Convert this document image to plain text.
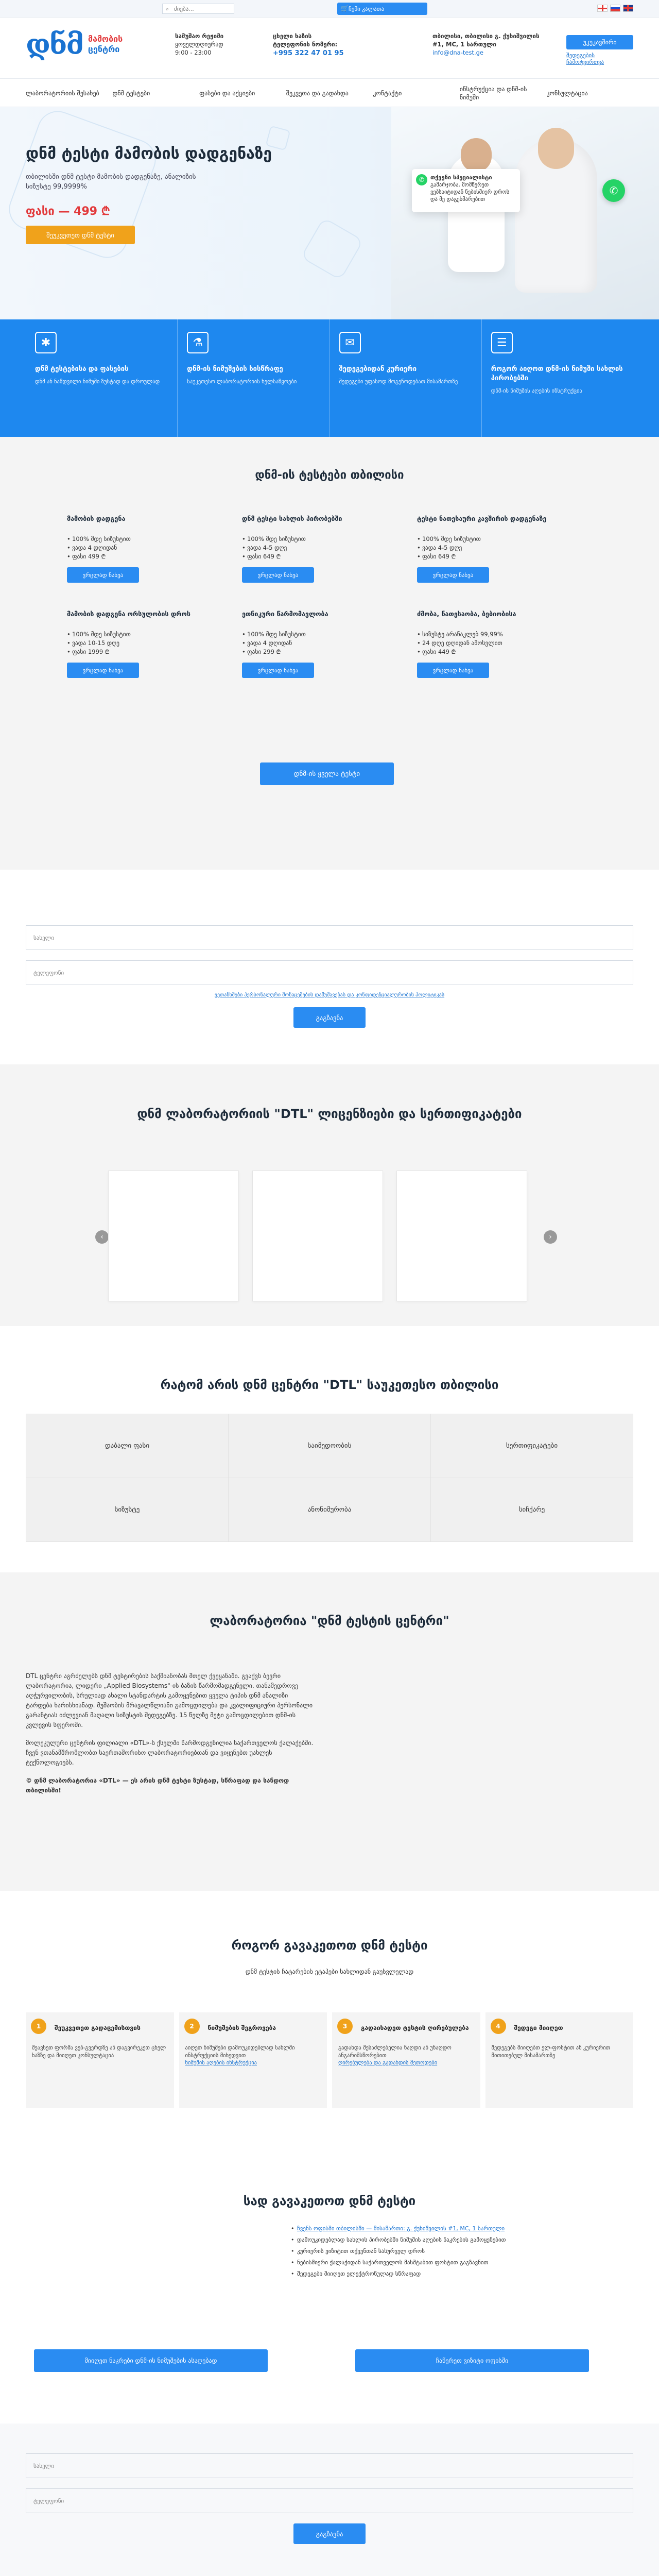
⌕ ძიება...	🛒 ჩემი კალათა
დნმ მამობის
ცენტრი
სამუშაო რეჟიმი
ყოველდღიურად
9:00 - 23:00
ცხელი ხაზის
ტელეფონის ნომერი:
+995 322 47 01 95
თბილისი, თბილისი გ. ქუხიშვილის #1, MC, 1 სართული
info@dna-test.ge
უკუკავშირი
შედეგების ჩამოტვირთვა
ლაბორატორიის შესახებ	დნმ ტესტები	ფასები და აქციები	შეკვეთა და გადახდა	კონტაქტი
ინსტრუქცია და დნმ-ის ნიმუში
კონსულტაცია
დნმ ტესტი მამობის დადგენაზე
თბილისში დნმ ტესტი მამობის დადგენაზე, ანალიზის სიზუსტე 99,9999%
ფასი — 499 ₾
შეუკვეთეთ დნმ ტესტი
✆	თქვენი სპეციალისტი
გამარჯობა, მომწერეთ ვებსაიტიდან ნებისმიერ დროს და მე დაგეხმარებით
✆
✱
დნმ ტესტებისა და ფასების
დნმ ან ნამდვილი ნიმუში ზუსტად და დროულად
⚗
დნმ-ის ნიმუშების სისწრაფე
საუკეთესო ლაბორატორიის ხელსაწყოები
✉
შედეგებიდან კურიერი
შედეგები უფასოდ მოგეწოდებათ მისამართზე
☰
როგორ აიღოთ დნმ-ის ნიმუში სახლის პირობებში
დნმ-ის ნიმუშის აღების ინსტრუქცია
დნმ-ის ტესტები თბილისი
მამობის დადგენა
• 100% მდე სიზუსტით
• ვადა 4 დღიდან
• ფასი 499 ₾
ვრცლად ნახვა
დნმ ტესტი სახლის პირობებში
• 100% მდე სიზუსტით
• ვადა 4-5 დღე
• ფასი 649 ₾
ვრცლად ნახვა
ტესტი ნათესაური კავშირის დადგენაზე
• 100% მდე სიზუსტით
• ვადა 4-5 დღე
• ფასი 649 ₾
ვრცლად ნახვა
მამობის დადგენა ორსულობის დროს
• 100% მდე სიზუსტით
• ვადა 10-15 დღე
• ფასი 1999 ₾
ვრცლად ნახვა
ეთნიკური წარმომავლობა
• 100% მდე სიზუსტით
• ვადა 4 დღიდან
• ფასი 299 ₾
ვრცლად ნახვა
ძმობა, ნათესაობა, ბებიობისა
• სიზუსტე არანაკლებ 99,99%
• 24 დღე დღიდან ამოსვლით
• ფასი 449 ₾
ვრცლად ნახვა
დნმ-ის ყველა ტესტი
სახელი
ტელეფონი
ვეთანხმები პერსონალური მონაცემების დამუშავებას და კონფიდენციალურობის პოლიტიკას
გაგზავნა
დნმ ლაბორატორიის "DTL" ლიცენზიები და სერთიფიკატები
‹	›
რატომ არის დნმ ცენტრი "DTL" საუკეთესო თბილისი
დაბალი ფასი	საიმედოობის	სერთიფიკატები
სიზუსტე	ანონიმურობა	სიჩქარე
ლაბორატორია "დნმ ტესტის ცენტრი"

DTL ცენტრი აგრძელებს დნმ ტესტირების საქმიანობას მთელ ქვეყანაში. გვაქვს ბევრი ლაბორატორია, ლიდერი „Applied Biosystems"-ის ბაზის წარმომადგენელი. თანამედროვე აღჭურვილობის, სრულიად ახალი სტანდარტის გამოყენებით ყველა ტიპის დნმ ანალიზი ტარდება ხარისხიანად. მუშაობის მრავალწლიანი გამოცდილება და კვალიფიციური პერსონალი გარანტიას იძლევიან მაღალი სიზუსტის შედეგებზე. 15 წელზე მეტი გამოცდილებით დნმ-ის კვლევის სფეროში.

მოლეკულური ცენტრის ფილიალი «DTL»-ს ქსელში წარმოდგენილია საქართველოს ქალაქებში. ჩვენ ვთანამშრომლობთ საერთაშორისო ლაბორატორიებთან და ვიყენებთ უახლეს ტექნოლოგიებს.

© დნმ ლაბორატორია «DTL» — ეს არის დნმ ტესტი ზუსტად, სწრაფად და სანდოდ თბილისში!

როგორ გავაკეთოთ დნმ ტესტი
დნმ ტესტის ჩატარების ეტაპები სახლიდან გაუსვლელად
1	შეუკვეთეთ გადაცემისთვის
შეავსეთ ფორმა ვებ-გვერდზე ან დაგვირეკეთ ცხელ ხაზზე და მიიღეთ კონსულტაცია
2	ნიმუშების შეგროვება
აიღეთ ნიმუშები დამოუკიდებლად სახლში ინსტრუქციის მიხედვით
ნიმუშის აღების ინსტრუქცია
3	გადაიხადეთ ტესტის ღირებულება
გადახდა შესაძლებელია ნაღდი ან უნაღდო ანგარიშსწორებით
ღირებულება და გადახდის მეთოდები
4	შედეგი მიიღეთ
შედეგებს მიიღებთ ელ-ფოსტით ან კურიერით მითითებულ მისამართზე
სად გავაკეთოთ დნმ ტესტი
• ჩვენს ოფისში თბილისში — მისამართი: გ. ქუხიშვილის #1, MC, 1 სართული
• დამოუკიდებლად სახლის პირობებში ნიმუშის აღების ნაკრების გამოყენებით
• კურიერის ვიზიტით თქვენთან სასურველ დროს
• ნებისმიერი ქალაქიდან საქართველოს მასშტაბით ფოსტით გაგზავნით
• შედეგები მიიღეთ ელექტრონულად სწრაფად
მიიღეთ ნაკრები დნმ-ის ნიმუშების ასაღებად	ჩაწერეთ ვიზიტი ოფისში
სახელი
ტელეფონი
გაგზავნა
